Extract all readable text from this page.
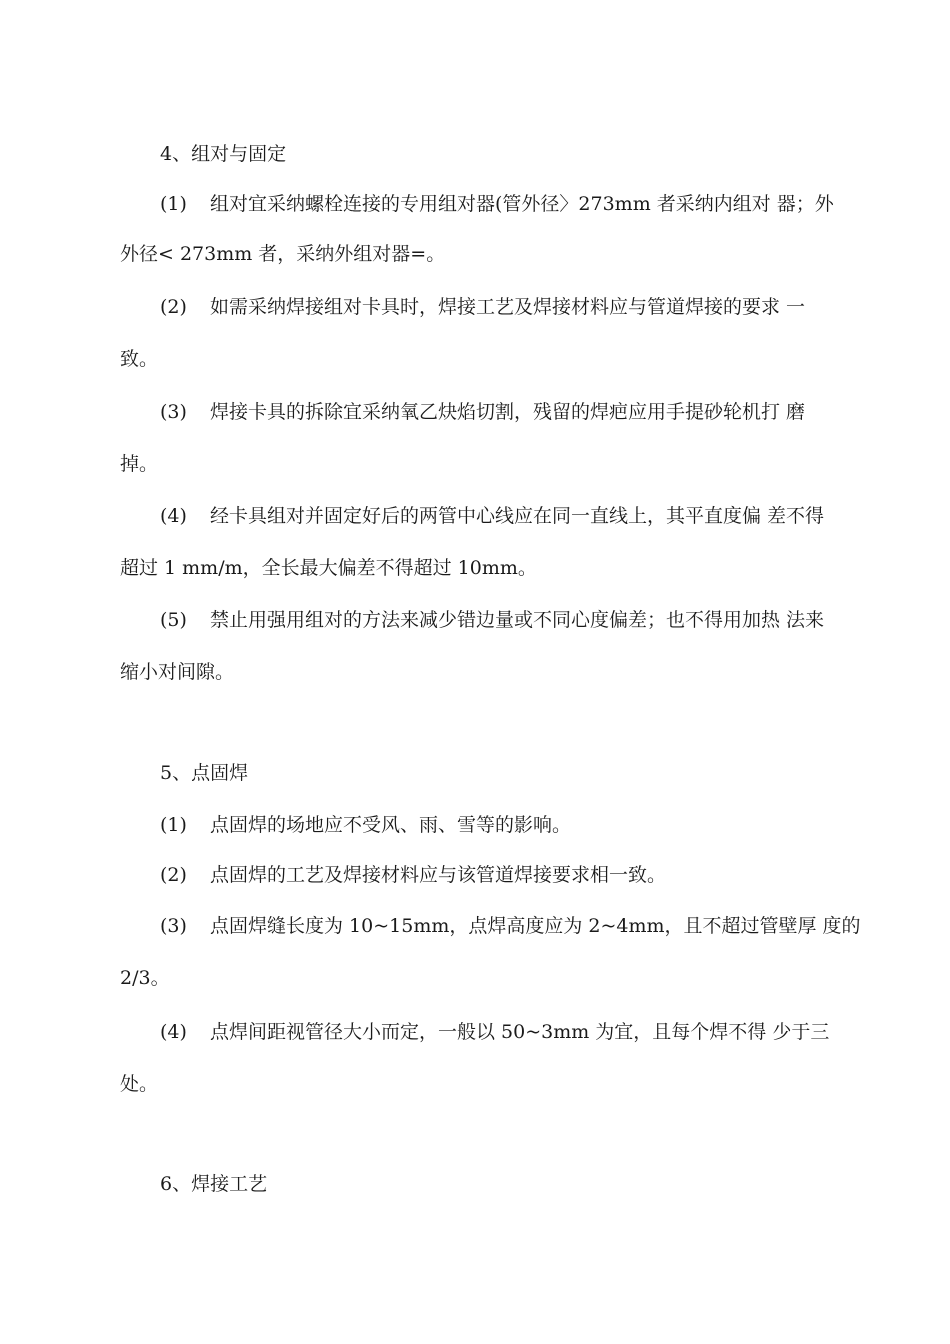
4、组对与固定
(1) 组对宜采纳螺栓连接的专用组对器(管外径〉273mm 者采纳内组对 器；外
外径< 273mm 者，采纳外组对器=。
(2) 如需采纳焊接组对卡具时，焊接工艺及焊接材料应与管道焊接的要求 一
致。
(3) 焊接卡具的拆除宜采纳氧乙炔焰切割，残留的焊疤应用手提砂轮机打 磨
掉。
(4) 经卡具组对并固定好后的两管中心线应在同一直线上，其平直度偏 差不得
超过 1 mm/m，全长最大偏差不得超过 10mm。
(5) 禁止用强用组对的方法来减少错边量或不同心度偏差；也不得用加热 法来
缩小对间隙。
5、点固焊
(1) 点固焊的场地应不受风、雨、雪等的影响。
(2) 点固焊的工艺及焊接材料应与该管道焊接要求相一致。
(3) 点固焊缝长度为 10~15mm，点焊高度应为 2~4mm，且不超过管壁厚 度的
2/3。
(4) 点焊间距视管径大小而定，一般以 50~3mm 为宜，且每个焊不得 少于三
处。
6、焊接工艺
